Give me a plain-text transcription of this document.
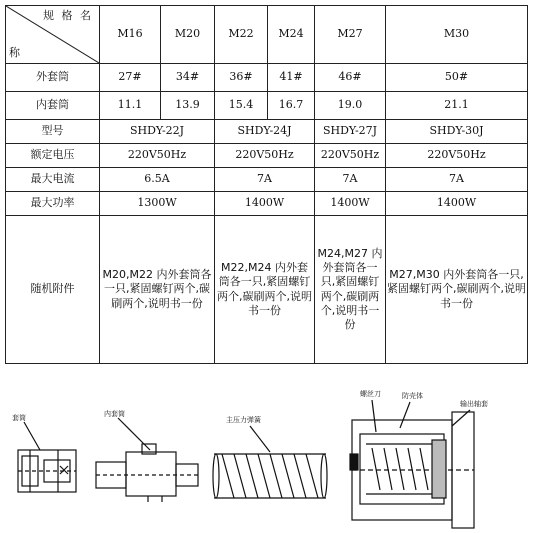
规 格 名
称	M16	M20	M22	M24	M27	M30
外套筒	27#	34#	36#	41#	46#	50#
内套筒	11.1	13.9	15.4	16.7	19.0	21.1
型号	SHDY-22J		SHDY-24J		SHDY-27J	SHDY-30J
额定电压	220V50Hz		220V50Hz		220V50Hz	220V50Hz
最大电流	6.5A		7A		7A	7A
最大功率	1300W		1400W		1400W	1400W
随机附件	M20,M22 内外套筒各一只,紧固螺钉两个,碳刷两个,说明书一份		M22,M24 内外套筒各一只,紧固螺钉两个,碳刷两个,说明书一份		M24,M27 内外套筒各一只,紧固螺钉两个,碳刷两个,说明书一份	M27,M30 内外套筒各一只,紧固螺钉两个,碳刷两个,说明书一份
套筒	内套筒
主压力弹簧
螺丝刀	防壳体
输出轴套
